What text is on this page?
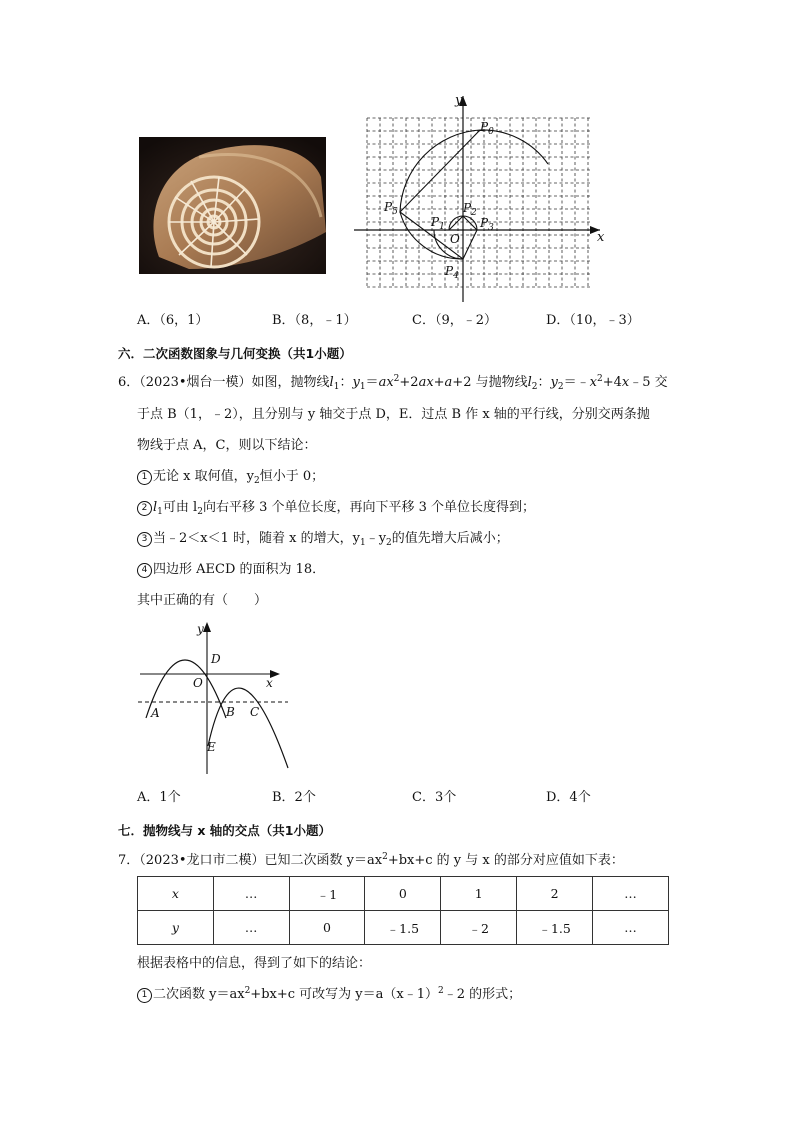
y
x
O
$P_0$
$P_1$
$P_2$
$P_3$
$P_4$
$P_5$
A．（6，1）	B．（8，﹣1）	C．（9，﹣2）	D．（10，﹣3）
六．二次函数图象与几何变换（共1小题）
6．（2023•烟台一模）如图，抛物线$l_1$：$y_1=ax^2+2ax+a+2$ 与抛物线$l_2$：$y_2=﹣x^2+4x﹣5$ 交
于点 B（1，﹣2），且分别与 y 轴交于点 D，E．过点 B 作 x 轴的平行线，分别交两条抛
物线于点 A，C，则以下结论：
1 无论 x 取何值，$y_2$恒小于 0；
2 $l_1$可由 $l_2$向右平移 3 个单位长度，再向下平移 3 个单位长度得到；
3 当﹣2＜x＜1 时，随着 x 的增大，$y_1﹣y_2$的值先增大后减小；
4 四边形 AECD 的面积为 18．
其中正确的有（　　）
y
x
O
D
A	B C
E
A．1个	B．2个	C．3个	D．4个
七．抛物线与 x 轴的交点（共1小题）
7．（2023•龙口市二模）已知二次函数 $y=ax^2+bx+c$ 的 y 与 x 的部分对应值如下表：
x	…	﹣1	0	1	2	…
y	…	0	﹣1.5	﹣2	﹣1.5	…
根据表格中的信息，得到了如下的结论：
1 二次函数 $y=ax^2+bx+c$ 可改写为 y＝a（x﹣1）$^2$﹣2 的形式；
